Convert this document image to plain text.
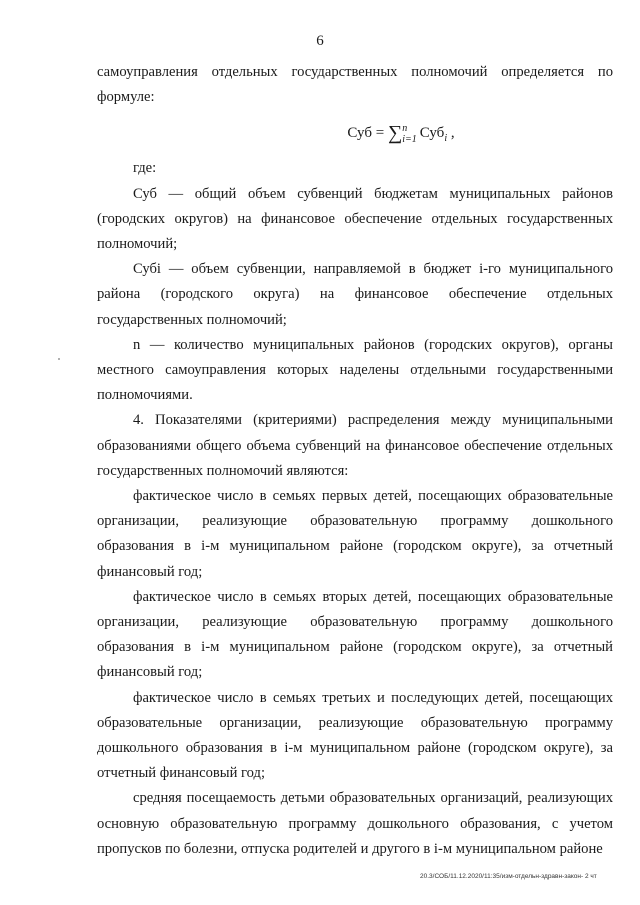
6

самоуправления отдельных государственных полномочий определяется по формуле:

Суб = ∑n
i=1 Суб$_i$ ,

где:

Суб — общий объем субвенций бюджетам муниципальных районов (городских округов) на финансовое обеспечение отдельных государственных полномочий;

Субi — объем субвенции, направляемой в бюджет i-го муниципального района (городского округа) на финансовое обеспечение отдельных государственных полномочий;

n — количество муниципальных районов (городских округов), органы местного самоуправления которых наделены отдельными государственными полномочиями.

4. Показателями (критериями) распределения между муниципальными образованиями общего объема субвенций на финансовое обеспечение отдельных государственных полномочий являются:

фактическое число в семьях первых детей, посещающих образовательные организации, реализующие образовательную программу дошкольного образования в i-м муниципальном районе (городском округе), за отчетный финансовый год;

фактическое число в семьях вторых детей, посещающих образовательные организации, реализующие образовательную программу дошкольного образования в i-м муниципальном районе (городском округе), за отчетный финансовый год;

фактическое число в семьях третьих и последующих детей, посещающих образовательные организации, реализующие образовательную программу дошкольного образования в i-м муниципальном районе (городском округе), за отчетный финансовый год;

средняя посещаемость детьми образовательных организаций, реализующих основную образовательную программу дошкольного образования, с учетом пропусков по болезни, отпуска родителей и другого в i-м муниципальном районе

20.3/СОБ/11.12.2020/11:35/изм-отдельн-здравн-закон- 2 чт
